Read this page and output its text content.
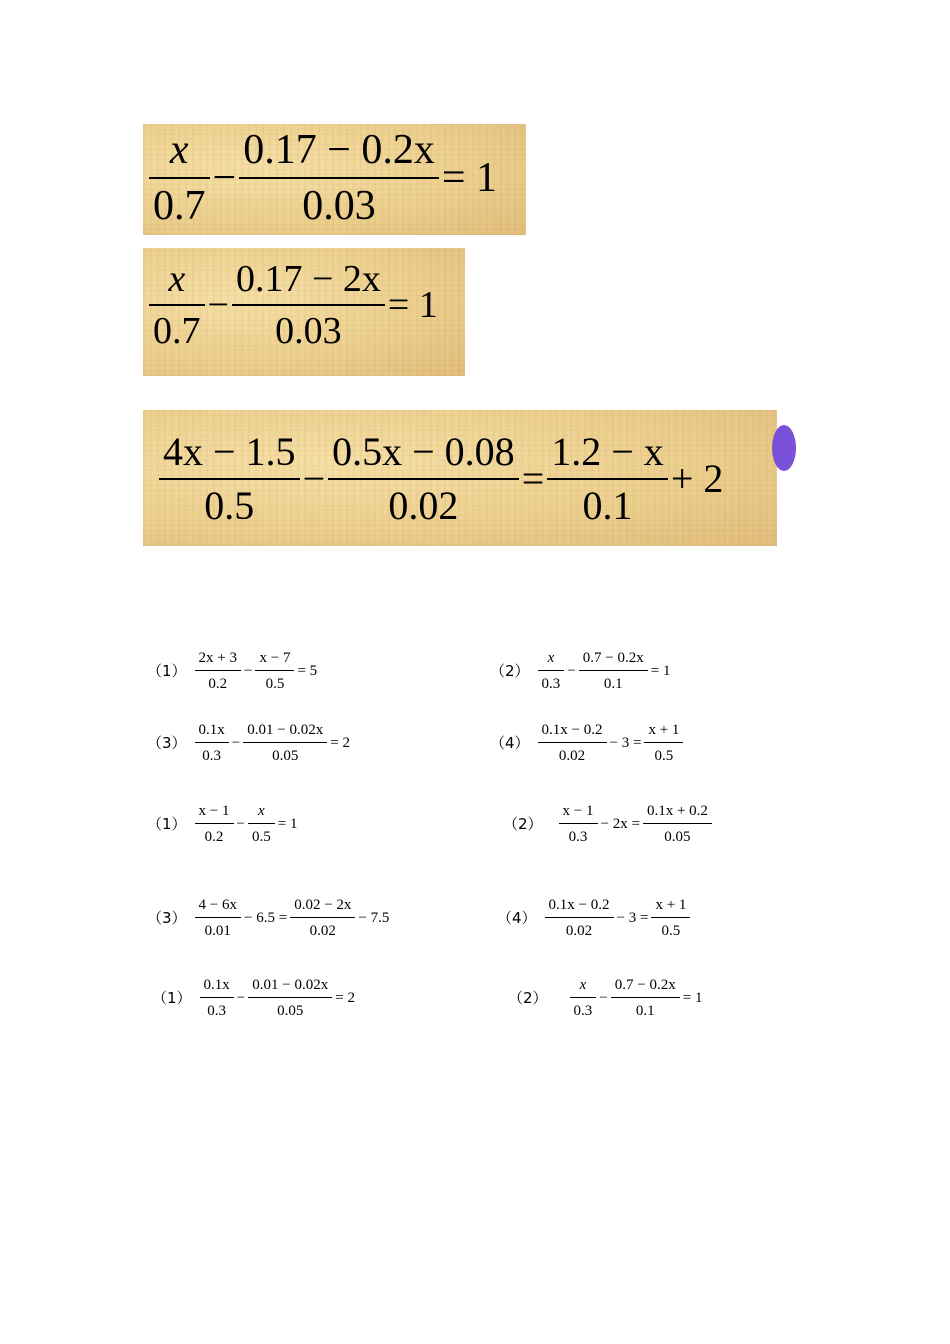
$\frac{x}{0.7} - \frac{0.17 - 0.2x}{0.03} = 1$
$\frac{x}{0.7} - \frac{0.17 - 2x}{0.03} = 1$
$\frac{4x - 1.5}{0.5} - \frac{0.5x - 0.08}{0.02} = \frac{1.2 - x}{0.1} + 2$
$(1) \frac{2x + 3}{0.2} - \frac{x - 7}{0.5} = 5$	$(2) \frac{x}{0.3} - \frac{0.7 - 0.2x}{0.1} = 1$
$(3) \frac{0.1x}{0.3} - \frac{0.01 - 0.02x}{0.05} = 2$	$(4) \frac{0.1x - 0.2}{0.02} - 3 = \frac{x + 1}{0.5}$
$(1) \frac{x - 1}{0.2} - \frac{x}{0.5} = 1$	$(2) \frac{x - 1}{0.3} - 2x = \frac{0.1x + 0.2}{0.05}$
$(3) \frac{4 - 6x}{0.01} - 6.5 = \frac{0.02 - 2x}{0.02} - 7.5$	$(4) \frac{0.1x - 0.2}{0.02} - 3 = \frac{x + 1}{0.5}$
$(1) \frac{0.1x}{0.3} - \frac{0.01 - 0.02x}{0.05} = 2$	$(2) \frac{x}{0.3} - \frac{0.7 - 0.2x}{0.1} = 1$
